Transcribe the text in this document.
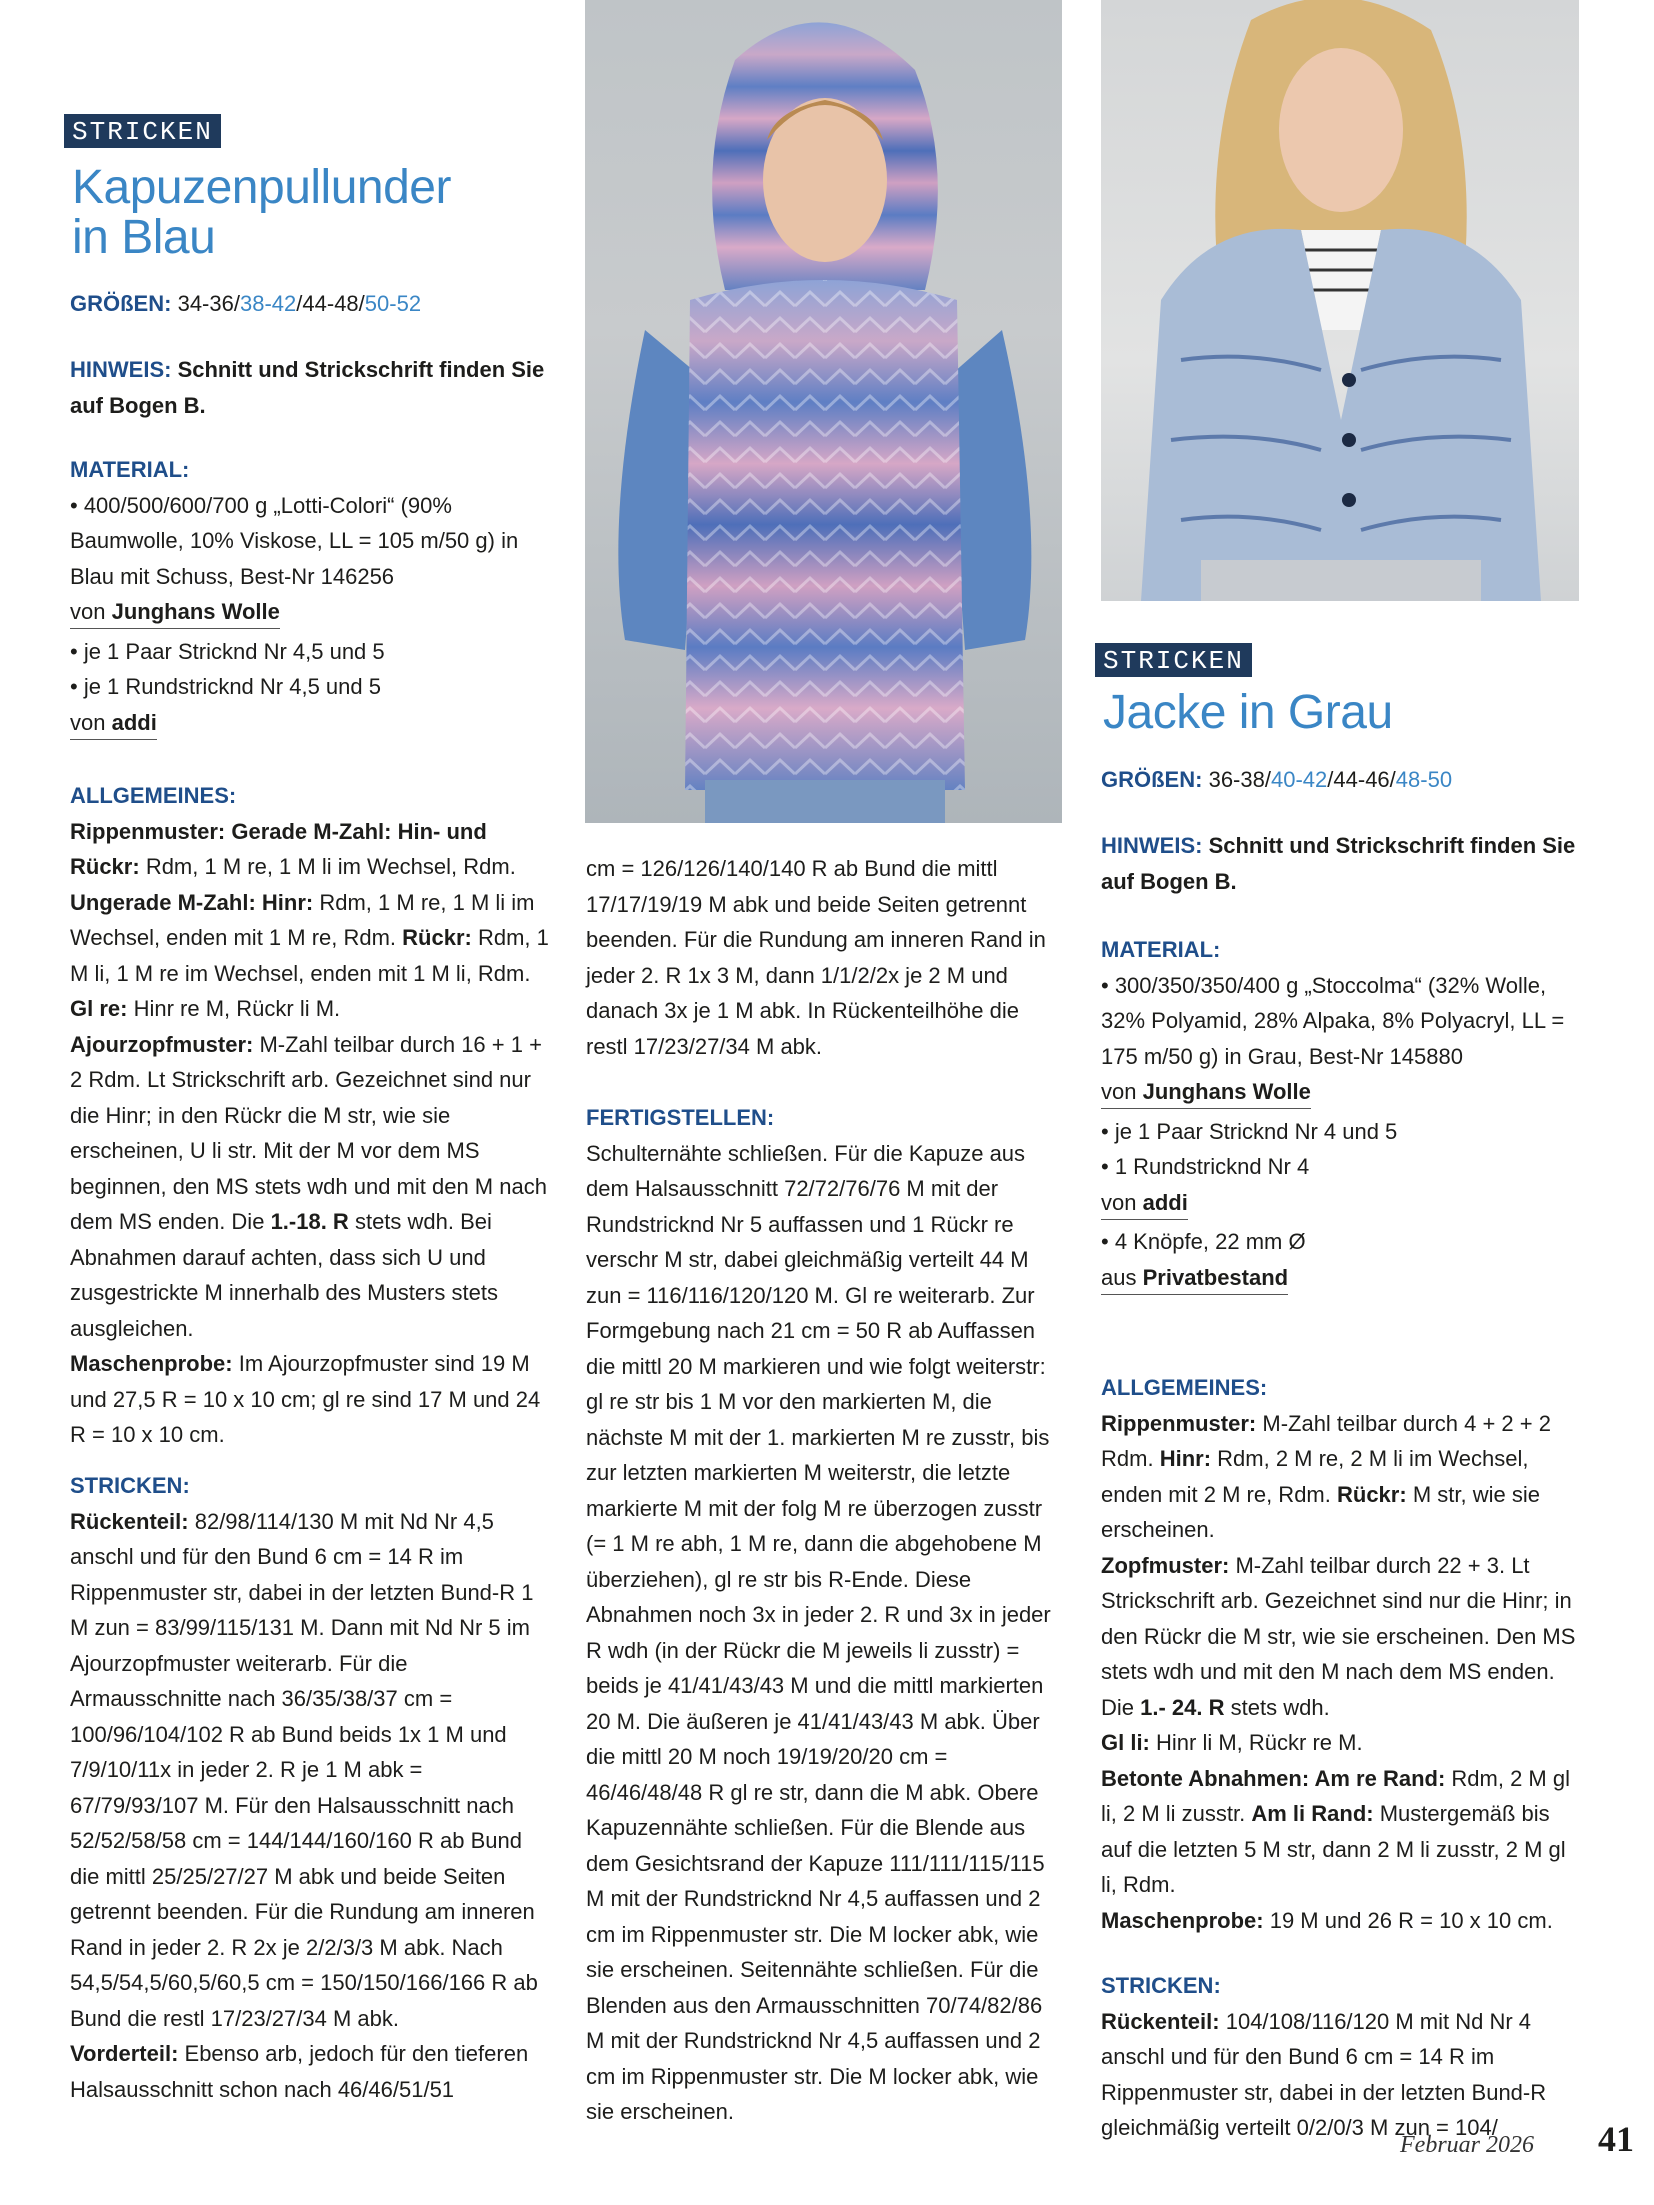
STRICKEN
Kapuzenpullunder
in Blau
GRÖßEN: 34-36/38-42/44-48/50-52
HINWEIS: Schnitt und Strickschrift finden Sie auf Bogen B.

MATERIAL:

• 400/500/600/700 g „Lotti-Colori“ (90% Baumwolle, 10% Viskose, LL = 105 m/50 g) in Blau mit Schuss, Best-Nr 146256

von Junghans Wolle

• je 1 Paar Stricknd Nr 4,5 und 5

• je 1 Rundstricknd Nr 4,5 und 5

von addi

ALLGEMEINES:

Rippenmuster: Gerade M-Zahl: Hin- und Rückr: Rdm, 1 M re, 1 M li im Wechsel, Rdm. Ungerade M-Zahl: Hinr: Rdm, 1 M re, 1 M li im Wechsel, enden mit 1 M re, Rdm. Rückr: Rdm, 1 M li, 1 M re im Wechsel, enden mit 1 M li, Rdm.

Gl re: Hinr re M, Rückr li M.

Ajourzopfmuster: M-Zahl teilbar durch 16 + 1 + 2 Rdm. Lt Strickschrift arb. Gezeichnet sind nur die Hinr; in den Rückr die M str, wie sie erscheinen, U li str. Mit der M vor dem MS beginnen, den MS stets wdh und mit den M nach dem MS enden. Die 1.-18. R stets wdh. Bei Abnahmen darauf achten, dass sich U und zusgestrickte M innerhalb des Musters stets ausgleichen.

Maschenprobe: Im Ajourzopfmuster sind 19 M und 27,5 R = 10 x 10 cm; gl re sind 17 M und 24 R = 10 x 10 cm.

STRICKEN:

Rückenteil: 82/98/114/130 M mit Nd Nr 4,5 anschl und für den Bund 6 cm = 14 R im Rippenmuster str, dabei in der letzten Bund-R 1 M zun = 83/99/115/131 M. Dann mit Nd Nr 5 im Ajourzopfmuster weiterarb. Für die Armausschnitte nach 36/35/38/37 cm = 100/96/104/102 R ab Bund beids 1x 1 M und 7/9/10/11x in jeder 2. R je 1 M abk = 67/79/93/107 M. Für den Halsausschnitt nach 52/52/58/58 cm = 144/144/160/160 R ab Bund die mittl 25/25/27/27 M abk und beide Seiten getrennt beenden. Für die Rundung am inneren Rand in jeder 2. R 2x je 2/2/3/3 M abk. Nach 54,5/54,5/60,5/60,5 cm = 150/150/166/166 R ab Bund die restl 17/23/27/34 M abk.

Vorderteil: Ebenso arb, jedoch für den tieferen Halsausschnitt schon nach 46/46/51/51

cm = 126/126/140/140 R ab Bund die mittl 17/17/19/19 M abk und beide Seiten getrennt beenden. Für die Rundung am inneren Rand in jeder 2. R 1x 3 M, dann 1/1/2/2x je 2 M und danach 3x je 1 M abk. In Rückenteilhöhe die restl 17/23/27/34 M abk.

FERTIGSTELLEN:

Schulternähte schließen. Für die Kapuze aus dem Halsausschnitt 72/72/76/76 M mit der Rundstricknd Nr 5 auffassen und 1 Rückr re verschr M str, dabei gleichmäßig verteilt 44 M zun = 116/116/120/120 M. Gl re weiterarb. Zur Formgebung nach 21 cm = 50 R ab Auffassen die mittl 20 M markieren und wie folgt weiterstr: gl re str bis 1 M vor den markierten M, die nächste M mit der 1. markierten M re zusstr, bis zur letzten markierten M weiterstr, die letzte markierte M mit der folg M re überzogen zusstr (= 1 M re abh, 1 M re, dann die abgehobene M überziehen), gl re str bis R-Ende. Diese Abnahmen noch 3x in jeder 2. R und 3x in jeder R wdh (in der Rückr die M jeweils li zusstr) = beids je 41/41/43/43 M und die mittl markierten 20 M. Die äußeren je 41/41/43/43 M abk. Über die mittl 20 M noch 19/19/20/20 cm = 46/46/48/48 R gl re str, dann die M abk. Obere Kapuzennähte schließen. Für die Blende aus dem Gesichtsrand der Kapuze 111/111/115/115 M mit der Rundstricknd Nr 4,5 auffassen und 2 cm im Rippenmuster str. Die M locker abk, wie sie erscheinen. Seitennähte schließen. Für die Blenden aus den Armausschnitten 70/74/82/86 M mit der Rundstricknd Nr 4,5 auffassen und 2 cm im Rippenmuster str. Die M locker abk, wie sie erscheinen.

STRICKEN
Jacke in Grau
GRÖßEN: 36-38/40-42/44-46/48-50
HINWEIS: Schnitt und Strickschrift finden Sie auf Bogen B.

MATERIAL:

• 300/350/350/400 g „Stoccolma“ (32% Wolle, 32% Polyamid, 28% Alpaka, 8% Polyacryl, LL = 175 m/50 g) in Grau, Best-Nr 145880

von Junghans Wolle

• je 1 Paar Stricknd Nr 4 und 5

• 1 Rundstricknd Nr 4

von addi

• 4 Knöpfe, 22 mm Ø

aus Privatbestand

ALLGEMEINES:

Rippenmuster: M-Zahl teilbar durch 4 + 2 + 2 Rdm. Hinr: Rdm, 2 M re, 2 M li im Wechsel, enden mit 2 M re, Rdm. Rückr: M str, wie sie erscheinen.

Zopfmuster: M-Zahl teilbar durch 22 + 3. Lt Strickschrift arb. Gezeichnet sind nur die Hinr; in den Rückr die M str, wie sie erscheinen. Den MS stets wdh und mit den M nach dem MS enden. Die 1.- 24. R stets wdh.

Gl li: Hinr li M, Rückr re M.

Betonte Abnahmen: Am re Rand: Rdm, 2 M gl li, 2 M li zusstr. Am li Rand: Mustergemäß bis auf die letzten 5 M str, dann 2 M li zusstr, 2 M gl li, Rdm.

Maschenprobe: 19 M und 26 R = 10 x 10 cm.

STRICKEN:

Rückenteil: 104/108/116/120 M mit Nd Nr 4 anschl und für den Bund 6 cm = 14 R im Rippenmuster str, dabei in der letzten Bund-R gleichmäßig verteilt 0/2/0/3 M zun = 104/

Februar 2026 41
